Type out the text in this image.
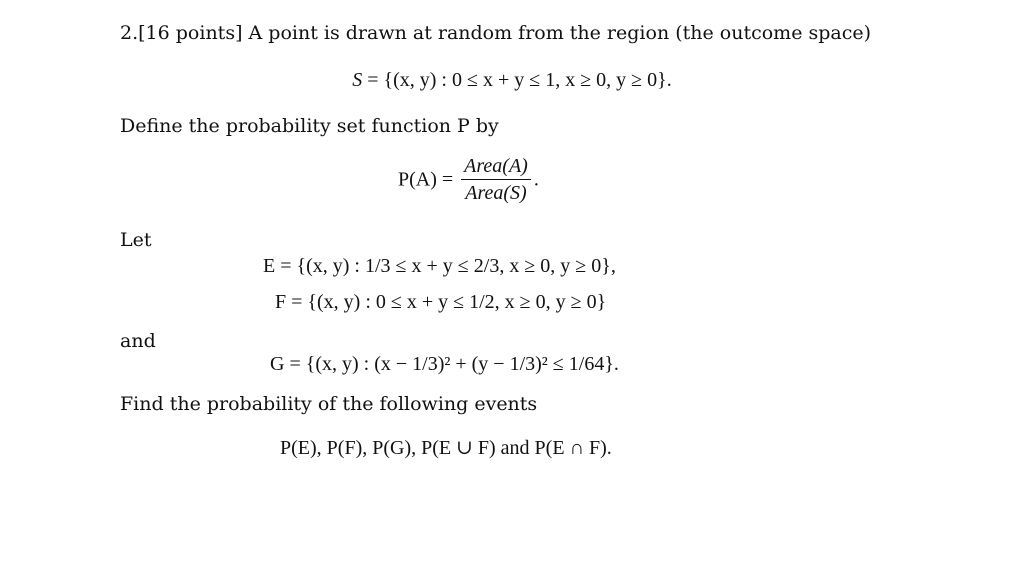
2.[16 points] A point is drawn at random from the region (the outcome space)
S = {(x, y) : 0 ≤ x + y ≤ 1, x ≥ 0, y ≥ 0}.
Define the probability set function P by
$P(A) = \frac{\text{Area(A)}}{\text{Area(S)}}$ .
Let
E = {(x, y) : 1/3 ≤ x + y ≤ 2/3, x ≥ 0, y ≥ 0},
F = {(x, y) : 0 ≤ x + y ≤ 1/2, x ≥ 0, y ≥ 0}
and
G = {(x, y) : (x − 1/3)² + (y − 1/3)² ≤ 1/64}.
Find the probability of the following events
P(E), P(F), P(G), P(E ∪ F) and P(E ∩ F).
